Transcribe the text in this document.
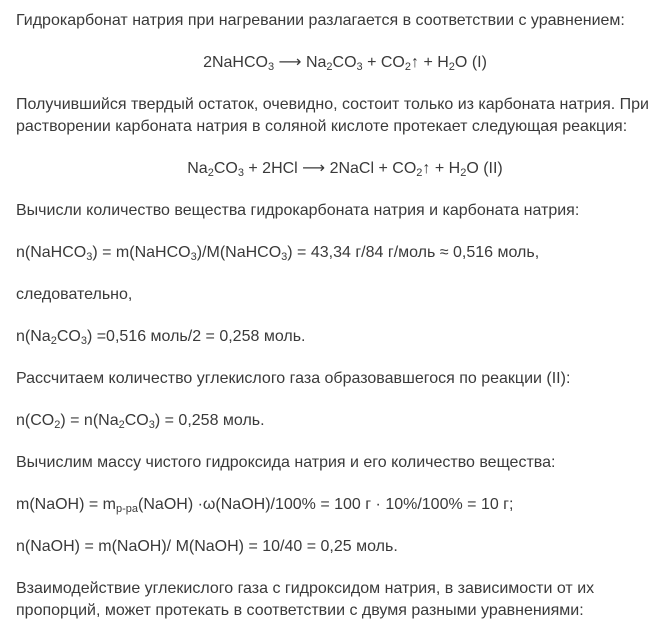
Гидрокарбонат натрия при нагревании разлагается в соответствии с уравнением:
2NaHCO$_3$ ⟶ $Na_2CO_3$ + $CO_2↑ + H_2O$ (I)
Получившийся твердый остаток, очевидно, состоит только из карбоната натрия. При
растворении карбоната натрия в соляной кислоте протекает следующая реакция:
$Na_2CO_3 + 2HCl$ ⟶ 2NaCl + $CO_2↑ + H_2O$ (II)
Вычисли количество вещества гидрокарбоната натрия и карбоната натрия:
n(NaHCO$_3$) = m(NaHCO$_3$)/M(NaHCO$_3$) = 43,34 г/84 г/моль ≈ 0,516 моль,
следовательно,
$n(Na_2CO_3) =0,516$ моль/2 = 0,258 моль.
Рассчитаем количество углекислого газа образовавшегося по реакции (II):
$n(CO_2) = n(Na_2CO_3) = 0,258$ моль.
Вычислим массу чистого гидроксида натрия и его количество вещества:
m(NaOH) = $m_{р-ра}(NaOH)$ ·ω(NaOH)/100% = 100 г · 10%/100% = 10 г;
n(NaOH) = m(NaOH)/ M(NaOH) = 10/40 = 0,25 моль.
Взаимодействие углекислого газа с гидроксидом натрия, в зависимости от их
пропорций, может протекать в соответствии с двумя разными уравнениями:
